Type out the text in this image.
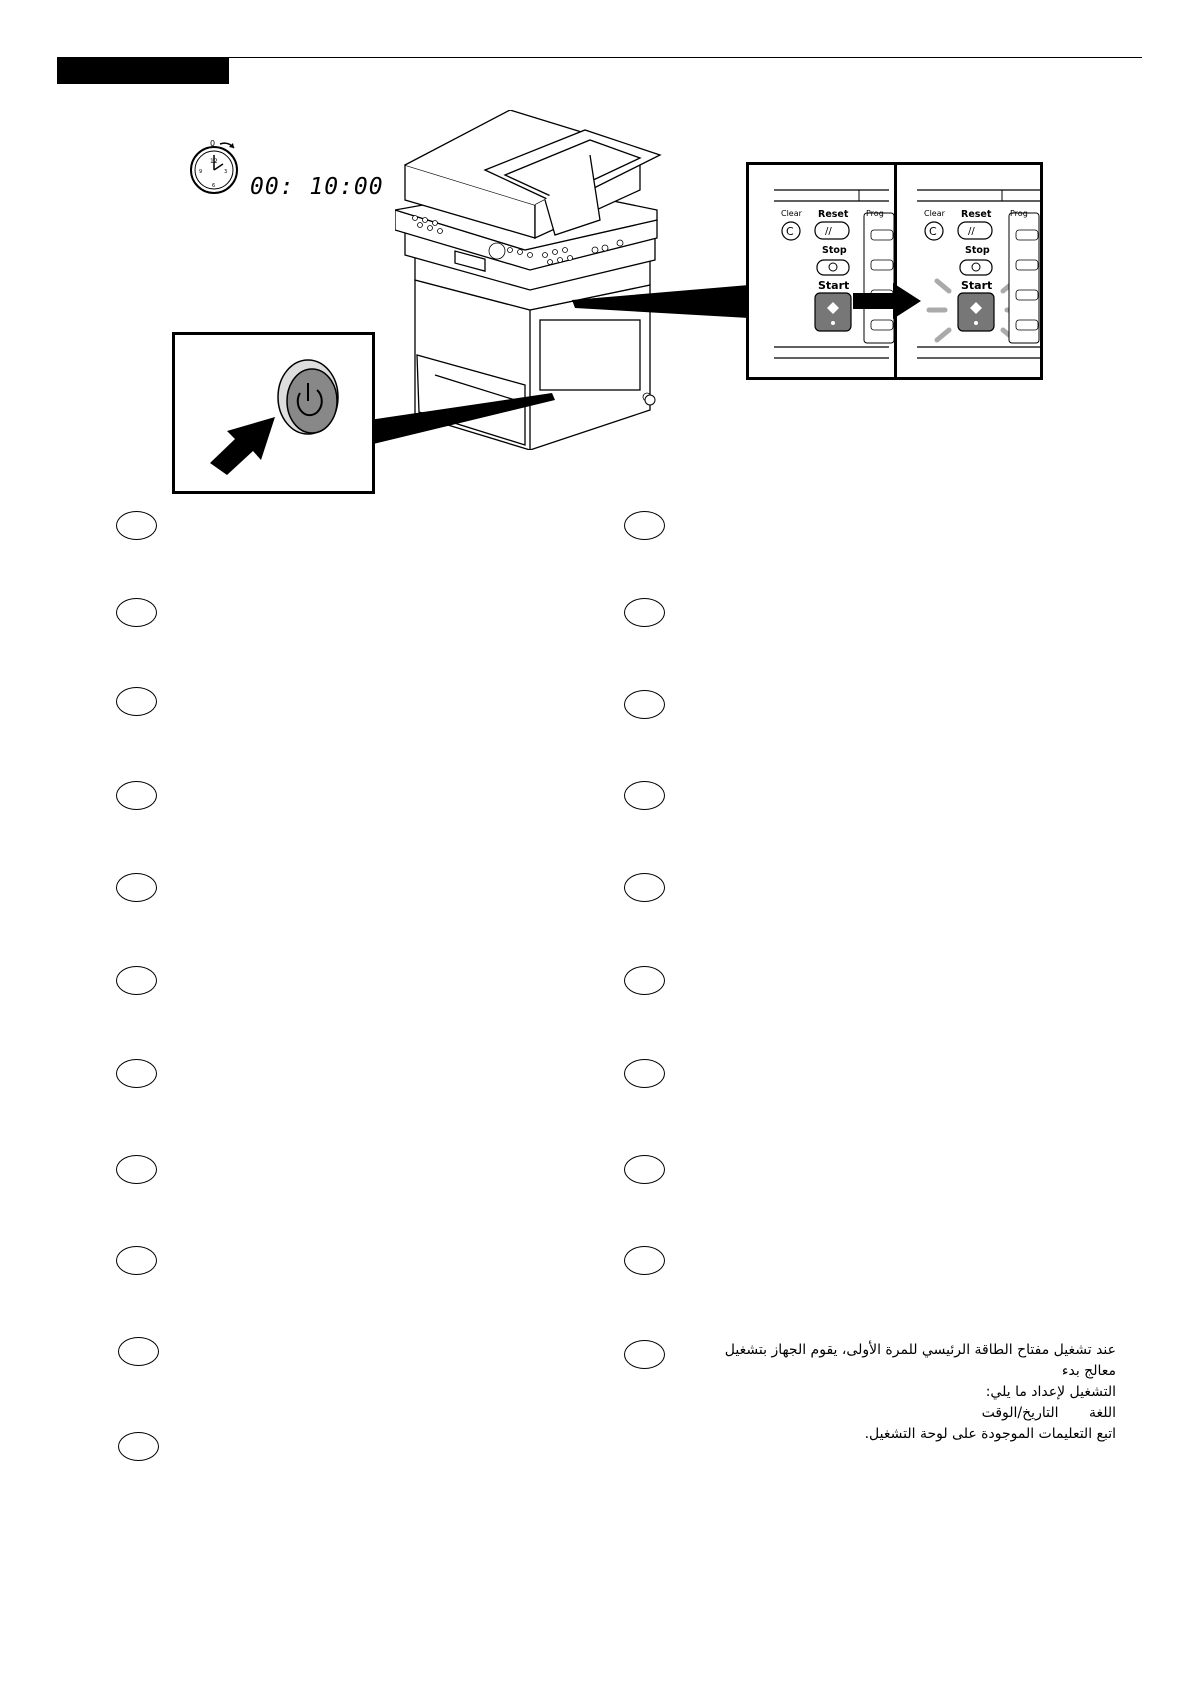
12
3
9
6
0
00: 10:00
C	//
Clear Reset Prog
Stop
Start
C	//
Clear Reset Prog
Stop
Start

عند تشغيل مفتاح الطاقة الرئيسي للمرة الأولى، يقوم الجهاز بتشغيل معالج بدء

التشغيل لإعداد ما يلي:

اللغة التاريخ/الوقت

اتبع التعليمات الموجودة على لوحة التشغيل.
